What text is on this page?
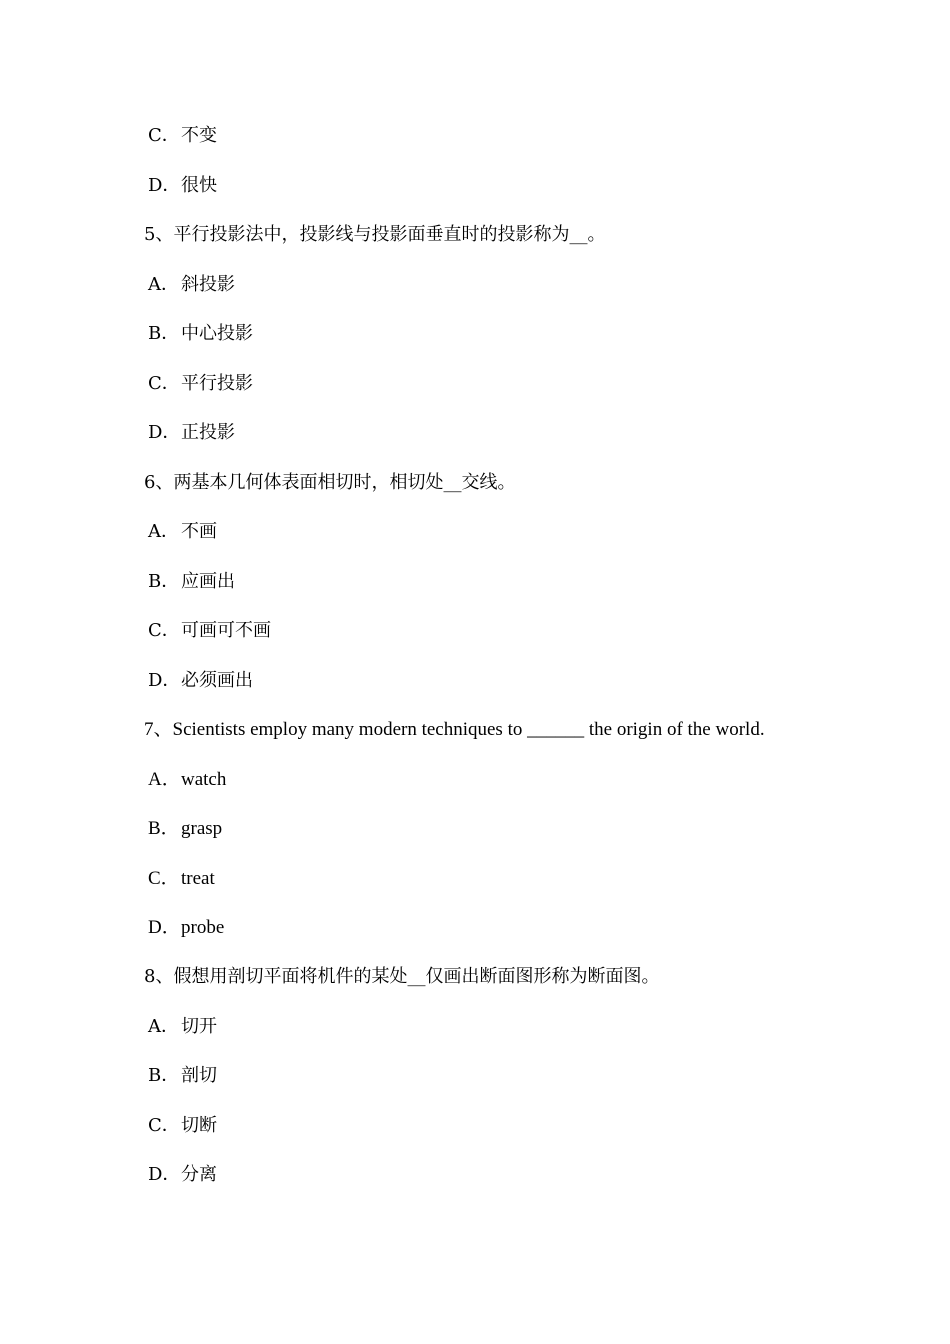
C．不变
D．很快
5、平行投影法中，投影线与投影面垂直时的投影称为__。
A． 斜投影
B．中心投影
C．平行投影
D．正投影
6、两基本几何体表面相切时，相切处__交线。
A． 不画
B．应画出
C．可画可不画
D．必须画出
7、Scientists employ many modern techniques to ______ the origin of the world.
A．watch
B．grasp
C．treat
D．probe
8、假想用剖切平面将机件的某处__仅画出断面图形称为断面图。
A． 切开
B．剖切
C．切断
D．分离
